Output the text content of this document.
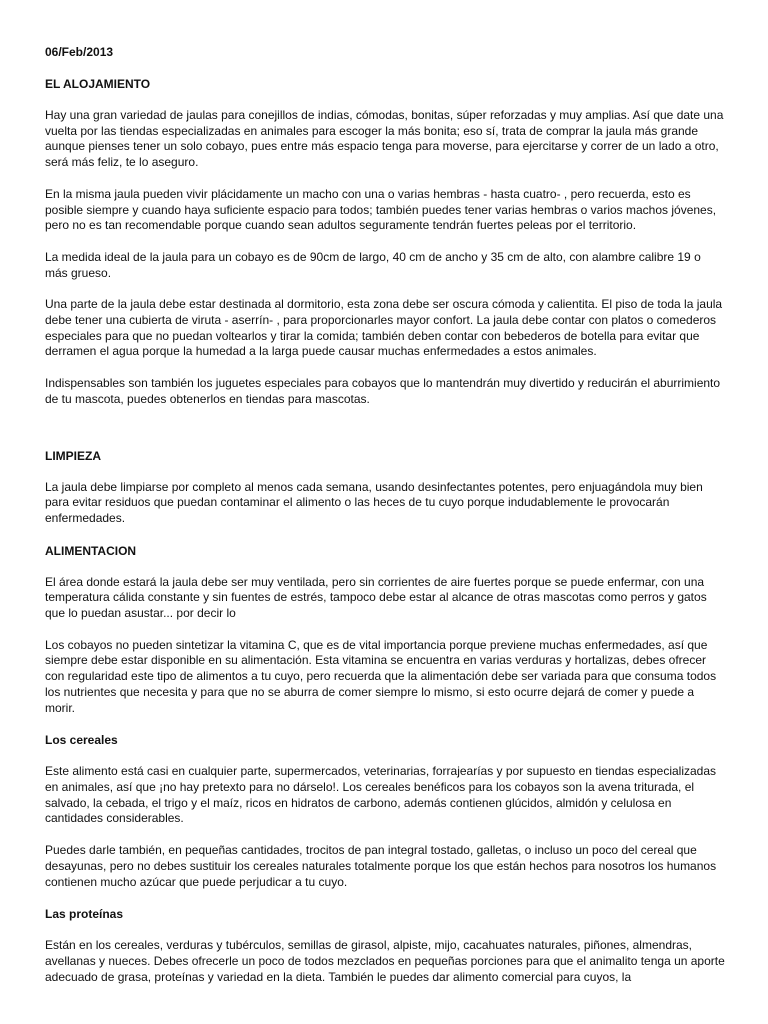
06/Feb/2013
EL ALOJAMIENTO

Hay una gran variedad de jaulas para conejillos de indias, cómodas, bonitas, súper reforzadas y muy amplias. Así que date una vuelta por las tiendas especializadas en animales para escoger la más bonita; eso sí, trata de comprar la jaula más grande aunque pienses tener un solo cobayo, pues entre más espacio tenga para moverse, para ejercitarse y correr de un lado a otro, será más feliz, te lo aseguro.

En la misma jaula pueden vivir plácidamente un macho con una o varias hembras - hasta cuatro- , pero recuerda, esto es posible siempre y cuando haya suficiente espacio para todos; también puedes tener varias hembras o varios machos jóvenes, pero no es tan recomendable porque cuando sean adultos seguramente tendrán fuertes peleas por el territorio.

La medida ideal de la jaula para un cobayo es de 90cm de largo, 40 cm de ancho y 35 cm de alto, con alambre calibre 19 o más grueso.

Una parte de la jaula debe estar destinada al dormitorio, esta zona debe ser oscura cómoda y calientita. El piso de toda la jaula debe tener una cubierta de viruta - aserrín- , para proporcionarles mayor confort. La jaula debe contar con platos o comederos especiales para que no puedan voltearlos y tirar la comida; también deben contar con bebederos de botella para evitar que derramen el agua porque la humedad a la larga puede causar muchas enfermedades a estos animales.

Indispensables son también los juguetes especiales para cobayos que lo mantendrán muy divertido y reducirán el aburrimiento de tu mascota, puedes obtenerlos en tiendas para mascotas.

LIMPIEZA

La jaula debe limpiarse por completo al menos cada semana, usando desinfectantes potentes, pero enjuagándola muy bien para evitar residuos que puedan contaminar el alimento o las heces de tu cuyo porque indudablemente le provocarán enfermedades.

ALIMENTACION

El área donde estará la jaula debe ser muy ventilada, pero sin corrientes de aire fuertes porque se puede enfermar, con una temperatura cálida constante y sin fuentes de estrés, tampoco debe estar al alcance de otras mascotas como perros y gatos que lo puedan asustar... por decir lo

Los cobayos no pueden sintetizar la vitamina C, que es de vital importancia porque previene muchas enfermedades, así que siempre debe estar disponible en su alimentación. Esta vitamina se encuentra en varias verduras y hortalizas, debes ofrecer con regularidad este tipo de alimentos a tu cuyo, pero recuerda que la alimentación debe ser variada para que consuma todos los nutrientes que necesita y para que no se aburra de comer siempre lo mismo, si esto ocurre dejará de comer y puede a morir.

Los cereales

Este alimento está casi en cualquier parte, supermercados, veterinarias, forrajearías y por supuesto en tiendas especializadas en animales, así que ¡no hay pretexto para no dárselo!. Los cereales benéficos para los cobayos son la avena triturada, el salvado, la cebada, el trigo y el maíz, ricos en hidratos de carbono, además contienen glúcidos, almidón y celulosa en cantidades considerables.

Puedes darle también, en pequeñas cantidades, trocitos de pan integral tostado, galletas, o incluso un poco del cereal que desayunas, pero no debes sustituir los cereales naturales totalmente porque los que están hechos para nosotros los humanos contienen mucho azúcar que puede perjudicar a tu cuyo.

Las proteínas

Están en los cereales, verduras y tubérculos, semillas de girasol, alpiste, mijo, cacahuates naturales, piñones, almendras, avellanas y nueces. Debes ofrecerle un poco de todos mezclados en pequeñas porciones para que el animalito tenga un aporte adecuado de grasa, proteínas y variedad en la dieta. También le puedes dar alimento comercial para cuyos, la
